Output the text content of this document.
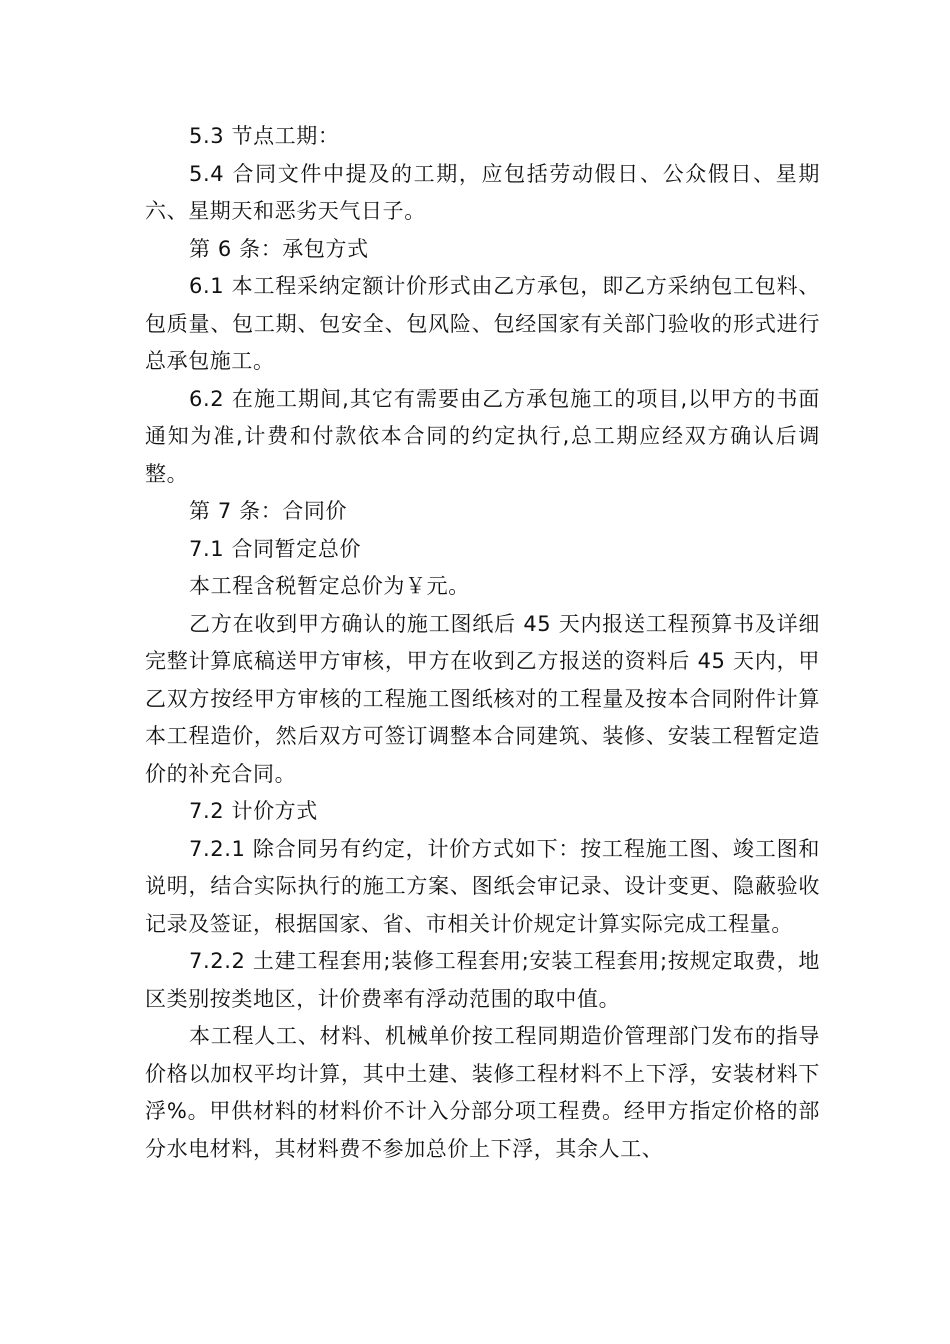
5.3 节点工期：

5.4 合同文件中提及的工期，应包括劳动假日、公众假日、星期六、星期天和恶劣天气日子。

第 6 条：承包方式

6.1 本工程采纳定额计价形式由乙方承包，即乙方采纳包工包料、包质量、包工期、包安全、包风险、包经国家有关部门验收的形式进行总承包施工。

6.2 在施工期间,其它有需要由乙方承包施工的项目,以甲方的书面通知为准,计费和付款依本合同的约定执行,总工期应经双方确认后调整。

第 7 条：合同价

7.1 合同暂定总价

本工程含税暂定总价为￥元。

乙方在收到甲方确认的施工图纸后 45 天内报送工程预算书及详细完整计算底稿送甲方审核，甲方在收到乙方报送的资料后 45 天内，甲乙双方按经甲方审核的工程施工图纸核对的工程量及按本合同附件计算本工程造价，然后双方可签订调整本合同建筑、装修、安装工程暂定造价的补充合同。

7.2 计价方式

7.2.1 除合同另有约定，计价方式如下：按工程施工图、竣工图和说明，结合实际执行的施工方案、图纸会审记录、设计变更、隐蔽验收记录及签证，根据国家、省、市相关计价规定计算实际完成工程量。

7.2.2 土建工程套用;装修工程套用;安装工程套用;按规定取费，地区类别按类地区，计价费率有浮动范围的取中值。

本工程人工、材料、机械单价按工程同期造价管理部门发布的指导价格以加权平均计算，其中土建、装修工程材料不上下浮，安装材料下浮%。甲供材料的材料价不计入分部分项工程费。经甲方指定价格的部分水电材料，其材料费不参加总价上下浮，其余人工、
